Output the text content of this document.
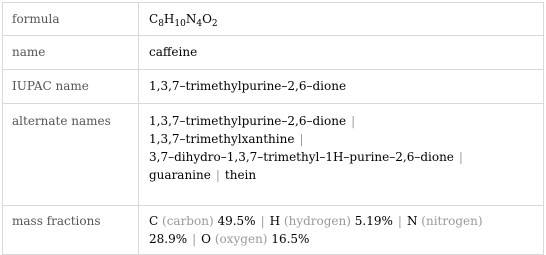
formula	$C_8H_{10}N_4O_2$
name	caffeine
IUPAC name	1,3,7–trimethylpurine–2,6–dione
alternate names	1,3,7–trimethylpurine–2,6–dione |
1,3,7–trimethylxanthine |
3,7–dihydro–1,3,7–trimethyl–1H–purine–2,6–dione |
guaranine | thein
mass fractions	C (carbon) 49.5% | H (hydrogen) 5.19% | N (nitrogen)
28.9% | O (oxygen) 16.5%
